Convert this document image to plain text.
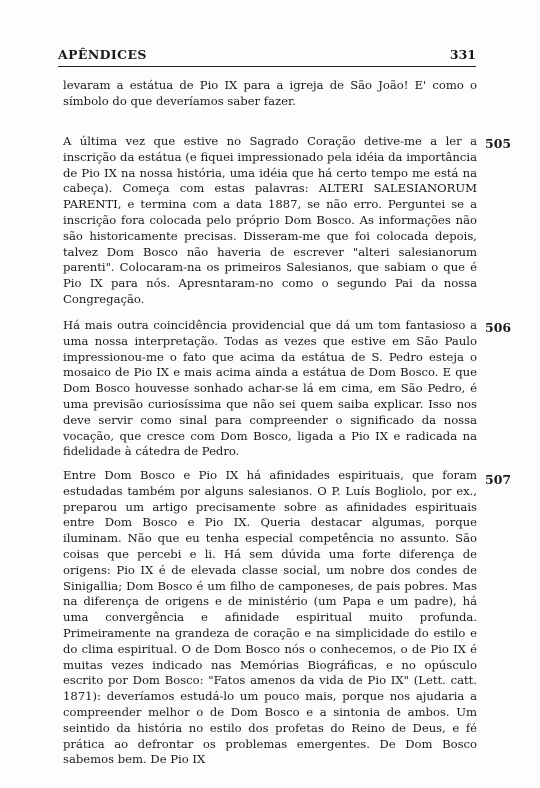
APÊNDICES	331

levaram a estátua de Pio IX para a igreja de São João! E' como o símbolo do que deveríamos saber fazer.

505

A última vez que estive no Sagrado Coração detive-me a ler a inscrição da estátua (e fiquei impressionado pela idéia da importância de Pio IX na nossa história, uma idéia que há certo tempo me está na cabeça). Começa com estas palavras: ALTERI SALESIANORUM PARENTI, e termina com a data 1887, se não erro. Perguntei se a inscrição fora colocada pelo próprio Dom Bosco. As informações não são historicamente precisas. Disseram-me que foi colocada depois, talvez Dom Bosco não haveria de escrever "alteri salesianorum parenti". Colocaram-na os primeiros Salesianos, que sabiam o que é Pio IX para nós. Apresntaram-no como o segundo Pai da nossa Congregação.

506

Há mais outra coincidência providencial que dá um tom fantasioso a uma nossa interpretação. Todas as vezes que estive em São Paulo impressionou-me o fato que acima da estátua de S. Pedro esteja o mosaico de Pio IX e mais acima ainda a estátua de Dom Bosco. E que Dom Bosco houvesse sonhado achar-se lá em cima, em São Pedro, é uma previsão curiosíssima que não sei quem saiba explicar. Isso nos deve servir como sinal para compreender o significado da nossa vocação, que cresce com Dom Bosco, ligada a Pio IX e radicada na fidelidade à cátedra de Pedro.

507

Entre Dom Bosco e Pio IX há afinidades espirituais, que foram estudadas também por alguns salesianos. O P. Luís Bogliolo, por ex., preparou um artigo precisamente sobre as afinidades espirituais entre Dom Bosco e Pio IX. Queria destacar algumas, porque iluminam. Não que eu tenha especial competência no assunto. São coisas que percebi e li. Há sem dúvida uma forte diferença de origens: Pio IX é de elevada classe social, um nobre dos condes de Sinigallia; Dom Bosco é um filho de camponeses, de pais pobres. Mas na diferença de origens e de ministério (um Papa e um padre), há uma convergência e afinidade espiritual muito profunda. Primeiramente na grandeza de coração e na simplicidade do estilo e do clima espiritual. O de Dom Bosco nós o conhecemos, o de Pio IX é muitas vezes indicado nas Memórias Biográficas, e no opúsculo escrito por Dom Bosco: "Fatos amenos da vida de Pio IX" (Lett. catt. 1871): deveríamos estudá-lo um pouco mais, porque nos ajudaria a compreender melhor o de Dom Bosco e a sintonia de ambos. Um seintido da história no estilo dos profetas do Reino de Deus, e fé prática ao defrontar os problemas emergentes. De Dom Bosco sabemos bem. De Pio IX
